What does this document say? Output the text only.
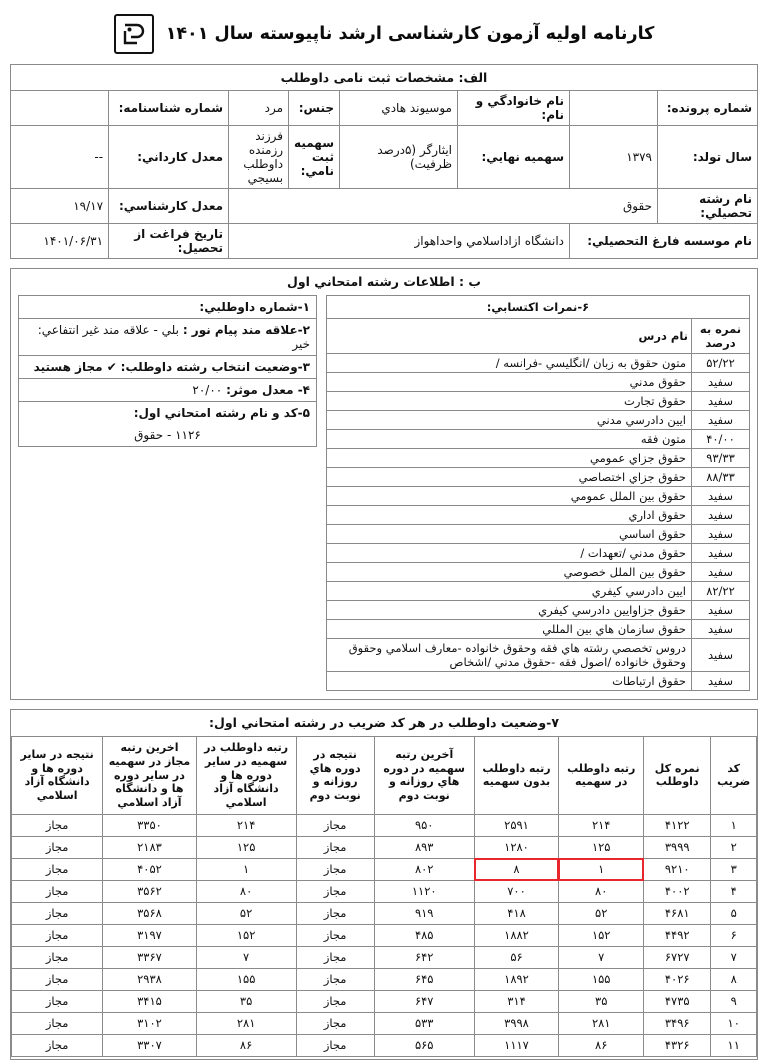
کارنامه اولیه آزمون کارشناسی ارشد ناپیوسته سال ۱۴۰۱
الف: مشخصات ثبت نامی داوطلب							
شماره پرونده:		نام خانوادگي و نام:	موسيوند هادي	جنس:	مرد	شماره شناسنامه:	
سال تولد:	۱۳۷۹	سهميه نهايي:	ايثارگر (۵درصد ظرفيت)	سهميه ثبت نامي:	فرزند رزمنده داوطلب بسيجي	معدل کارداني:	--
نام رشته تحصيلي:	حقوق					معدل کارشناسي:	۱۹/۱۷
نام موسسه فارغ التحصيلي:		دانشگاه ازاداسلامي واحداهواز				تاريخ فراغت از تحصيل:	۱۴۰۱/۰۶/۳۱
ب : اطلاعات رشته امتحاني اول
۶-نمرات اکتسابي:	
نمره به درصد	نام درس
۵۲/۲۲	متون حقوق به زبان /انگليسي -فرانسه /
سفيد	حقوق مدني
سفيد	حقوق تجارت
سفيد	ايين دادرسي مدني
۴۰/۰۰	متون فقه
۹۳/۳۳	حقوق جزاي عمومي
۸۸/۳۳	حقوق جزاي اختصاصي
سفيد	حقوق بين الملل عمومي
سفيد	حقوق اداري
سفيد	حقوق اساسي
سفيد	حقوق مدني /تعهدات /
سفيد	حقوق بين الملل خصوصي
۸۲/۲۲	ايين دادرسي کيفري
سفيد	حقوق جزاوايين دادرسي کيفري
سفيد	حقوق سازمان هاي بين المللي
سفيد	دروس تخصصي رشته هاي فقه وحقوق خانواده -معارف اسلامي وحقوق وحقوق خانواده /اصول فقه -حقوق مدني /اشخاص
سفيد	حقوق ارتباطات
۱-شماره داوطلبي:
۲-علاقه مند پيام نور : بلي - علاقه مند غير انتفاعي: خير
۳-وضعيت انتخاب رشته داوطلب: ✔ مجاز هستيد
۴- معدل موثر: ۲۰/۰۰

۵-کد و نام رشته امتحاني اول:
۱۱۲۶ - حقوق
۷-وضعيت داوطلب در هر کد ضريب در رشته امتحاني اول:
کد ضريب	نمره کل داوطلب	رتبه داوطلب در سهميه	رتبه داوطلب بدون سهميه	آخرين رتبه سهميه در دوره هاي روزانه و نوبت دوم	نتيجه در دوره هاي روزانه و نوبت دوم	رتبه داوطلب در سهميه در ساير دوره ها و دانشگاه آزاد اسلامي	اخرين رتبه مجاز در سهميه در ساير دوره ها و دانشگاه آزاد اسلامي	نتيجه در ساير دوره ها و دانشگاه آزاد اسلامي
۱	۴۱۲۲	۲۱۴	۲۵۹۱	۹۵۰	مجاز	۲۱۴	۳۳۵۰	مجاز
۲	۳۹۹۹	۱۲۵	۱۲۸۰	۸۹۳	مجاز	۱۲۵	۲۱۸۳	مجاز
۳	۹۲۱۰	۱	۸	۸۰۲	مجاز	۱	۴۰۵۲	مجاز
۴	۴۰۰۲	۸۰	۷۰۰	۱۱۲۰	مجاز	۸۰	۳۵۶۲	مجاز
۵	۴۶۸۱	۵۲	۴۱۸	۹۱۹	مجاز	۵۲	۳۵۶۸	مجاز
۶	۴۴۹۲	۱۵۲	۱۸۸۲	۴۸۵	مجاز	۱۵۲	۳۱۹۷	مجاز
۷	۶۷۲۷	۷	۵۶	۶۴۲	مجاز	۷	۳۳۶۷	مجاز
۸	۴۰۲۶	۱۵۵	۱۸۹۲	۶۴۵	مجاز	۱۵۵	۲۹۳۸	مجاز
۹	۴۷۳۵	۳۵	۳۱۴	۶۴۷	مجاز	۳۵	۳۴۱۵	مجاز
۱۰	۳۴۹۶	۲۸۱	۳۹۹۸	۵۳۳	مجاز	۲۸۱	۳۱۰۲	مجاز
۱۱	۴۳۲۶	۸۶	۱۱۱۷	۵۶۵	مجاز	۸۶	۳۳۰۷	مجاز
